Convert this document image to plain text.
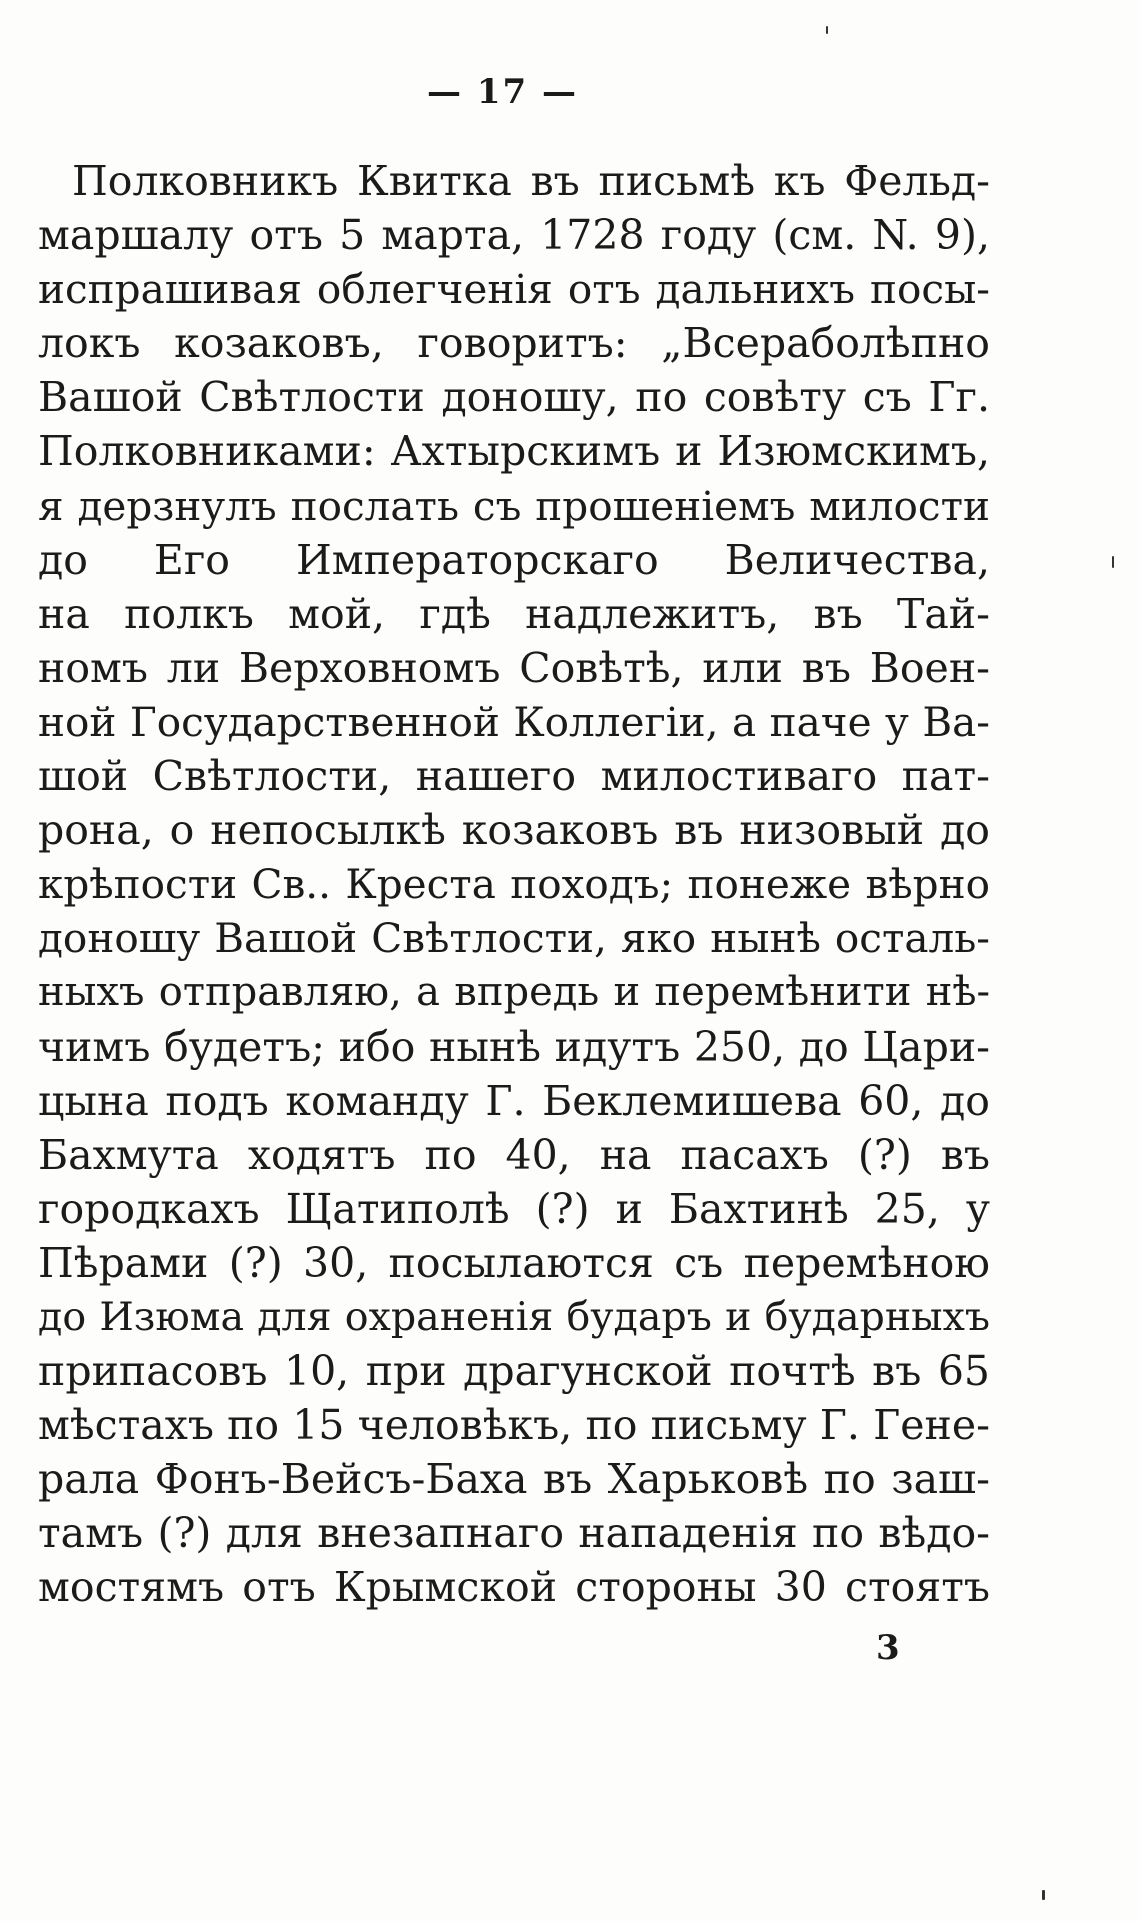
— 17 —
Полковникъ Квитка въ письмѣ къ Фельд-
маршалу отъ 5 марта, 1728 году (см. N. 9),
испрашивая облегченія отъ дальнихъ посы-
локъ козаковъ, говоритъ: „Всераболѣпно
Вашой Свѣтлости доношу, по совѣту съ Гг.
Полковниками: Ахтырскимъ и Изюмскимъ,
я дерзнулъ послать съ прошеніемъ милости
до Его Императорскаго Величества,
на полкъ мой, гдѣ надлежитъ, въ Тай-
номъ ли Верховномъ Совѣтѣ, или въ Воен-
ной Государственной Коллегіи, а паче у Ва-
шой Свѣтлости, нашего милостиваго пат-
рона, о непосылкѣ козаковъ въ низовый до
крѣпости Св.. Креста походъ; понеже вѣрно
доношу Вашой Свѣтлости, яко нынѣ осталь-
ныхъ отправляю, а впредь и перемѣнити нѣ-
чимъ будетъ; ибо нынѣ идутъ 250, до Цари-
цына подъ команду Г. Беклемишева 60, до
Бахмута ходятъ по 40, на пасахъ (?) въ
городкахъ Щатиполѣ (?) и Бахтинѣ 25, у
Пѣрами (?) 30, посылаются съ перемѣною
до Изюма для охраненія бударъ и бударныхъ
припасовъ 10, при драгунской почтѣ въ 65
мѣстахъ по 15 человѣкъ, по письму Г. Гене-
рала Фонъ-Вейсъ-Баха въ Харьковѣ по заш-
тамъ (?) для внезапнаго нападенія по вѣдо-
мостямъ отъ Крымской стороны 30 стоятъ
3
